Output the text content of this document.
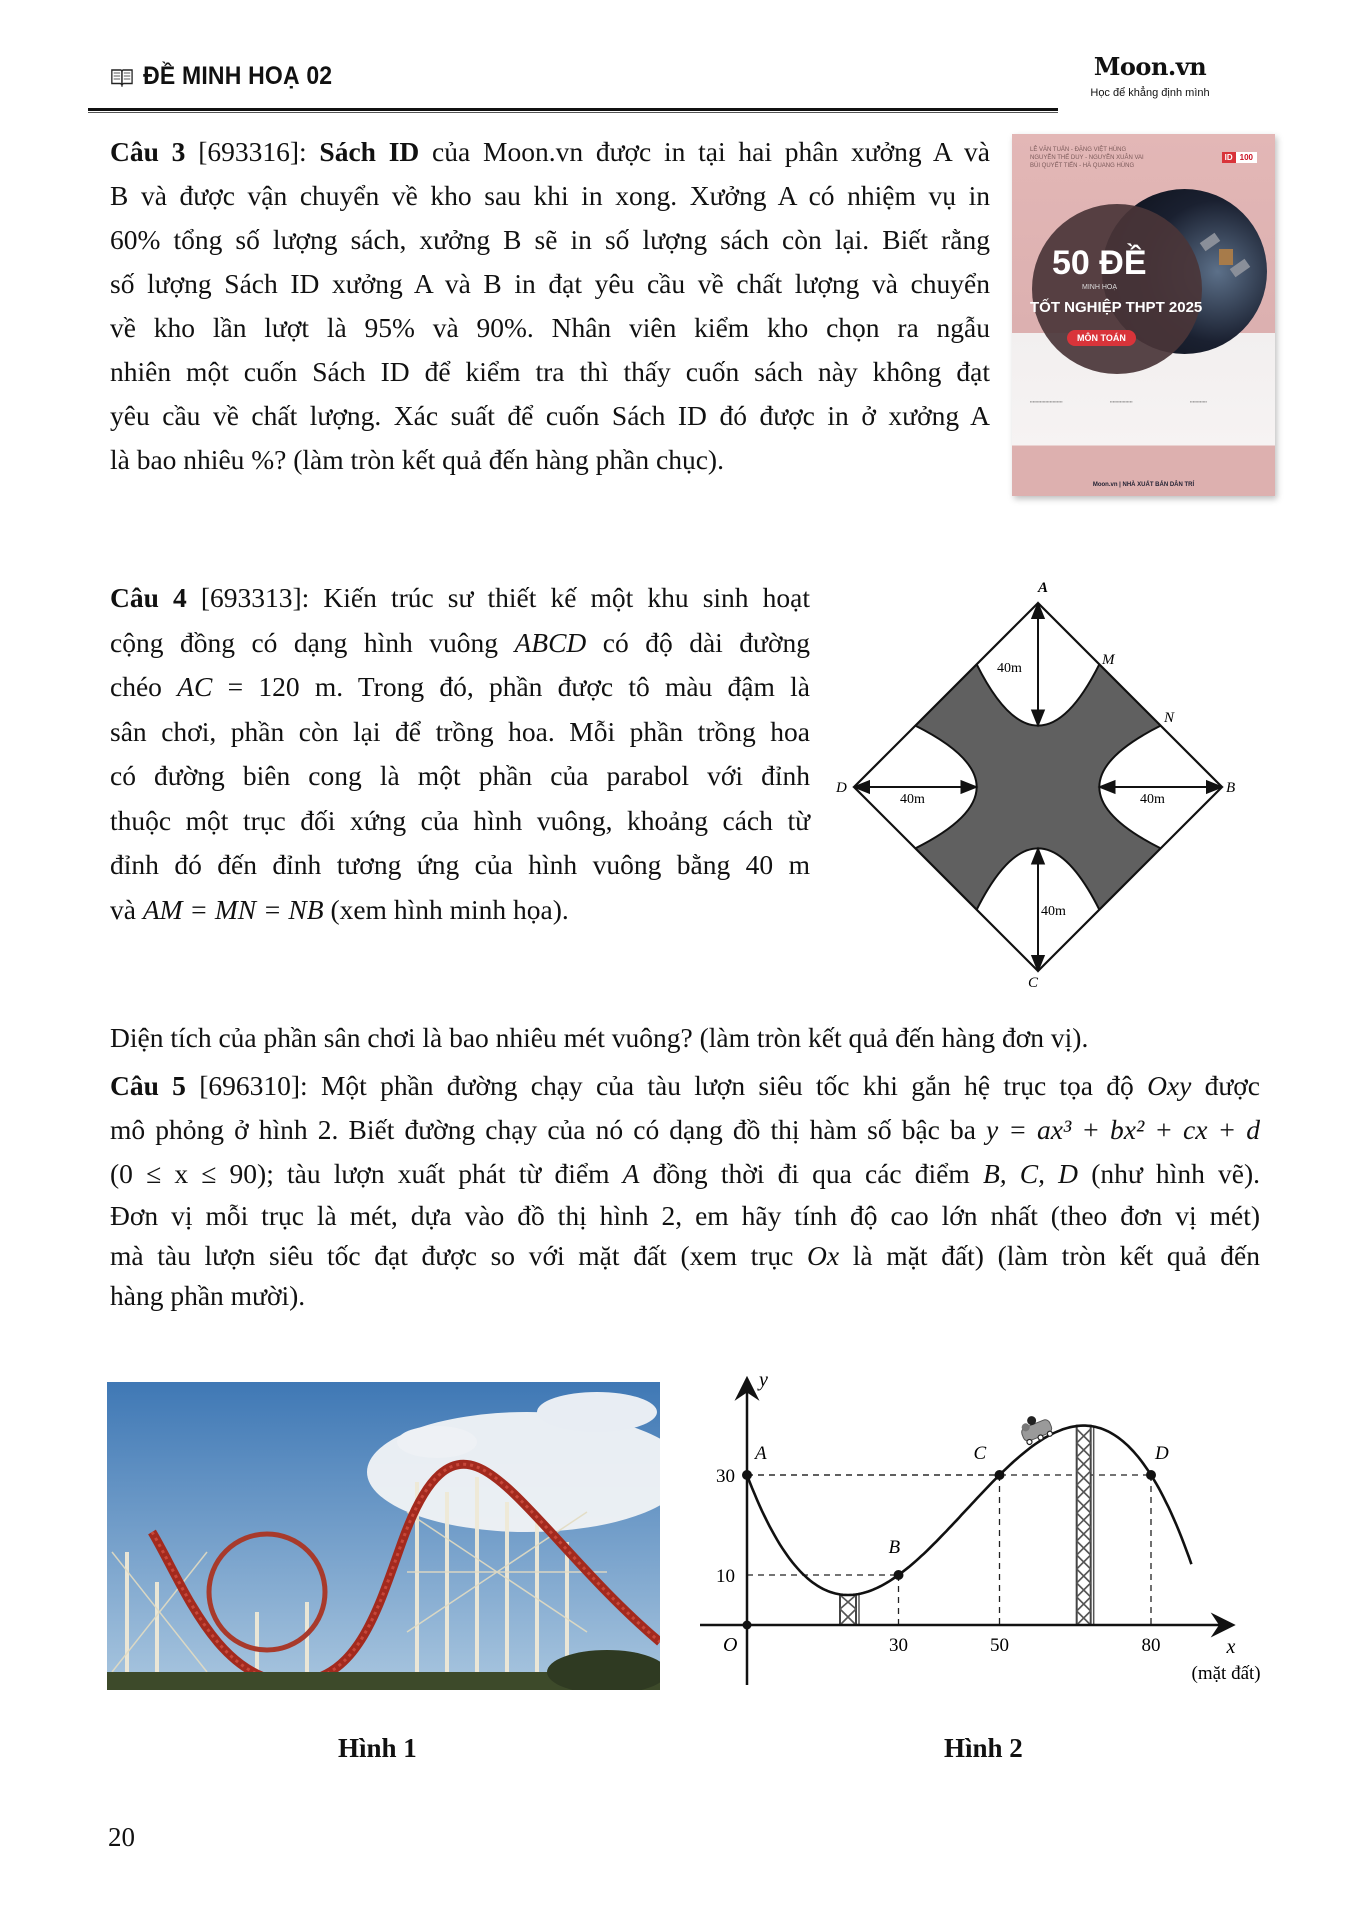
ĐỀ MINH HOẠ 02	Moon.vn
Học để khẳng định mình
Câu 3 [693316]: Sách ID của Moon.vn được in tại hai phân xưởng A và
B và được vận chuyển về kho sau khi in xong. Xưởng A có nhiệm vụ in
60% tổng số lượng sách, xưởng B sẽ in số lượng sách còn lại. Biết rằng
số lượng Sách ID xưởng A và B in đạt yêu cầu về chất lượng và chuyển
về kho lần lượt là 95% và 90%. Nhân viên kiểm kho chọn ra ngẫu
nhiên một cuốn Sách ID để kiểm tra thì thấy cuốn sách này không đạt
yêu cầu về chất lượng. Xác suất để cuốn Sách ID đó được in ở xưởng A
là bao nhiêu %? (làm tròn kết quả đến hàng phần chục).
LÊ VĂN TUẤN - ĐẶNG VIỆT HÙNG
NGUYỄN THẾ DUY - NGUYỄN XUÂN VAI
BÙI QUYẾT TIẾN - HÀ QUANG HÙNG
ID 100
50 ĐỀ
MINH HOẠ
TỐT NGHIỆP THPT 2025
MÔN TOÁN
▪▪▪▪▪▪▪▪▪▪▪▪▪▪▪▪▪▪▪▪▪▪▪	▪▪▪▪▪▪▪▪▪▪▪▪▪▪▪▪	▪▪▪▪▪▪▪▪▪▪▪▪
Moon.vn | NHÀ XUẤT BẢN DÂN TRÍ
Câu 4 [693313]: Kiến trúc sư thiết kế một khu sinh hoạt
cộng đồng có dạng hình vuông ABCD có độ dài đường
chéo AC = 120 m. Trong đó, phần được tô màu đậm là
sân chơi, phần còn lại để trồng hoa. Mỗi phần trồng hoa
có đường biên cong là một phần của parabol với đỉnh
thuộc một trục đối xứng của hình vuông, khoảng cách từ
đỉnh đó đến đỉnh tương ứng của hình vuông bằng 40 m
và AM = MN = NB (xem hình minh họa).
A
B
C
D
M
N
40m
40m	40m
40m
Diện tích của phần sân chơi là bao nhiêu mét vuông? (làm tròn kết quả đến hàng đơn vị).
Câu 5 [696310]: Một phần đường chạy của tàu lượn siêu tốc khi gắn hệ trục tọa độ Oxy được
mô phỏng ở hình 2. Biết đường chạy của nó có dạng đồ thị hàm số bậc ba y = ax³ + bx² + cx + d
(0 ≤ x ≤ 90); tàu lượn xuất phát từ điểm A đồng thời đi qua các điểm B, C, D (như hình vẽ).
Đơn vị mỗi trục là mét, dựa vào đồ thị hình 2, em hãy tính độ cao lớn nhất (theo đơn vị mét)
mà tàu lượn siêu tốc đạt được so với mặt đất (xem trục Ox là mặt đất) (làm tròn kết quả đến
hàng phần mười).
Hình 1
A
B
C	D
30	50	80
10
30
x
(mặt đất)
y
O
Hình 2
20
